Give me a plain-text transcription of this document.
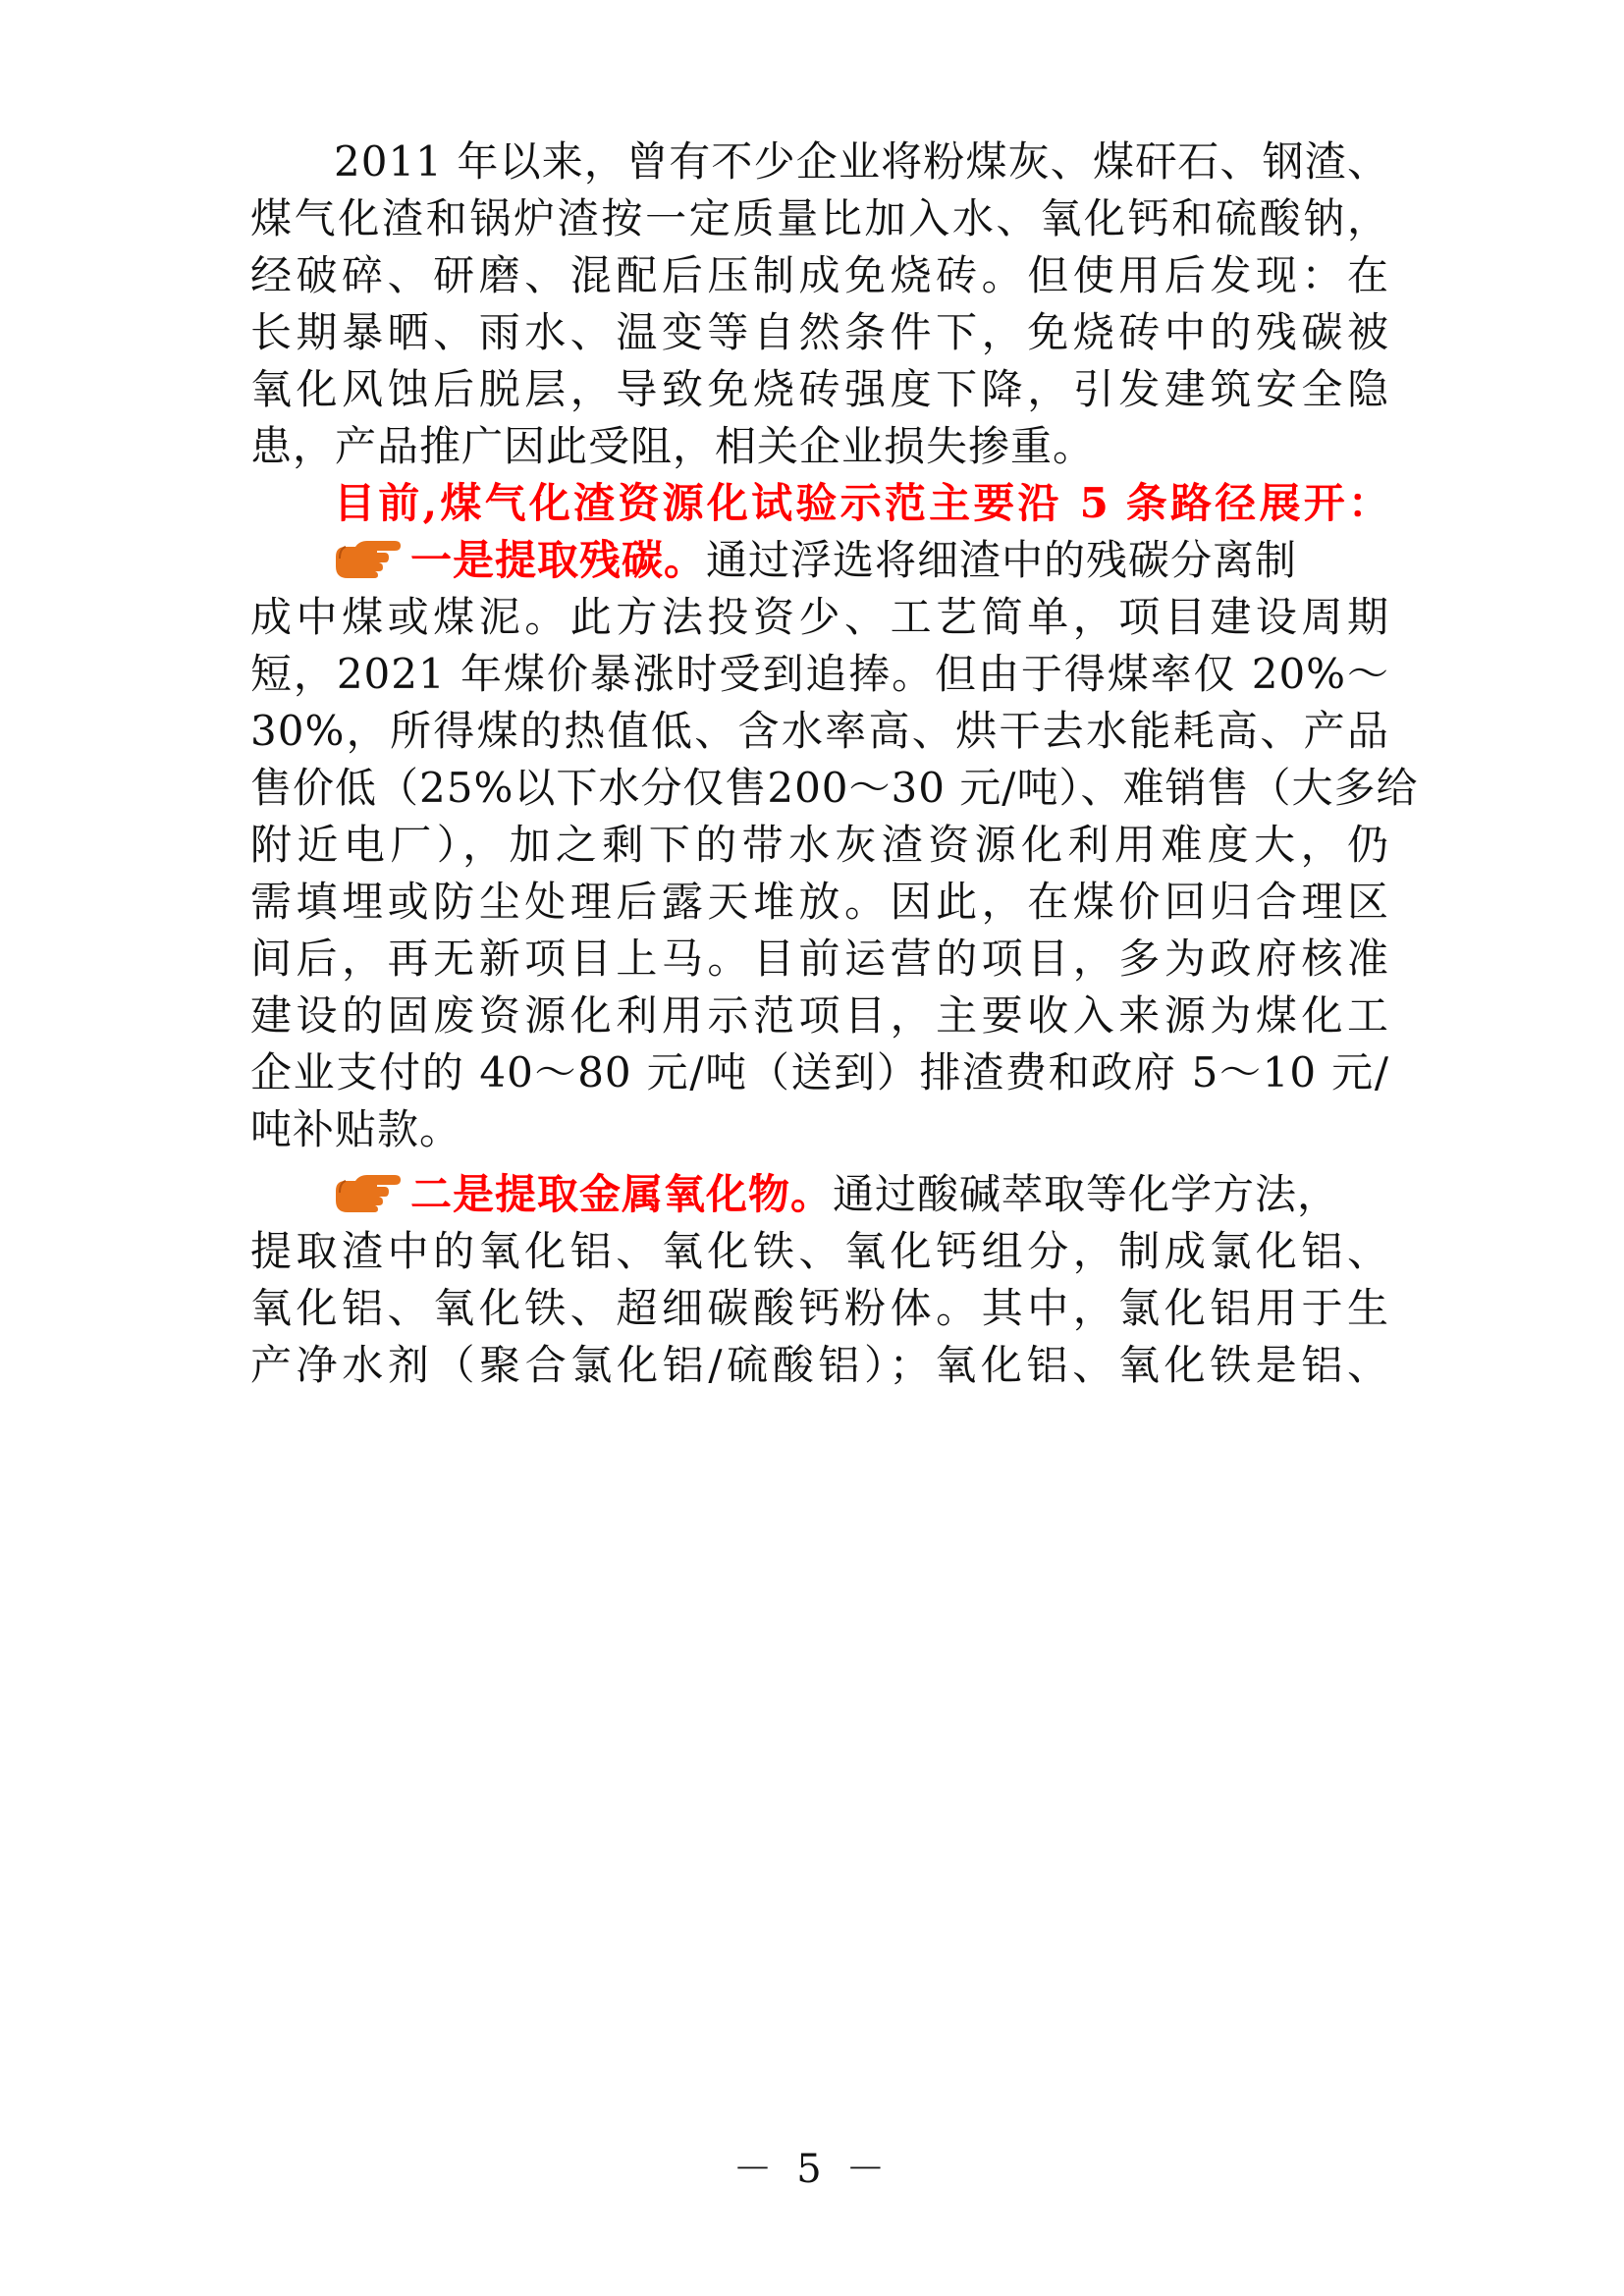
2011 年以来，曾有不少企业将粉煤灰、煤矸石、钢渣、
煤气化渣和锅炉渣按一定质量比加入水、氧化钙和硫酸钠，
经破碎、研磨、混配后压制成免烧砖。但使用后发现：在
长期暴晒、雨水、温变等自然条件下，免烧砖中的残碳被
氧化风蚀后脱层，导致免烧砖强度下降，引发建筑安全隐
患，产品推广因此受阻，相关企业损失掺重。
目前,煤气化渣资源化试验示范主要沿 5 条路径展开：
一是提取残碳。通过浮选将细渣中的残碳分离制
成中煤或煤泥。此方法投资少、工艺简单，项目建设周期
短，2021 年煤价暴涨时受到追捧。但由于得煤率仅 20%～
30%，所得煤的热值低、含水率高、烘干去水能耗高、产品
售价低（25%以下水分仅售200～30 元/吨）、难销售（大多给
附近电厂），加之剩下的带水灰渣资源化利用难度大，仍
需填埋或防尘处理后露天堆放。因此，在煤价回归合理区
间后，再无新项目上马。目前运营的项目，多为政府核准
建设的固废资源化利用示范项目，主要收入来源为煤化工
企业支付的 40～80 元/吨（送到）排渣费和政府 5～10 元/
吨补贴款。
二是提取金属氧化物。通过酸碱萃取等化学方法，
提取渣中的氧化铝、氧化铁、氧化钙组分，制成氯化铝、
氧化铝、氧化铁、超细碳酸钙粉体。其中，氯化铝用于生
产净水剂（聚合氯化铝/硫酸铝）；氧化铝、氧化铁是铝、
－ 5 －
